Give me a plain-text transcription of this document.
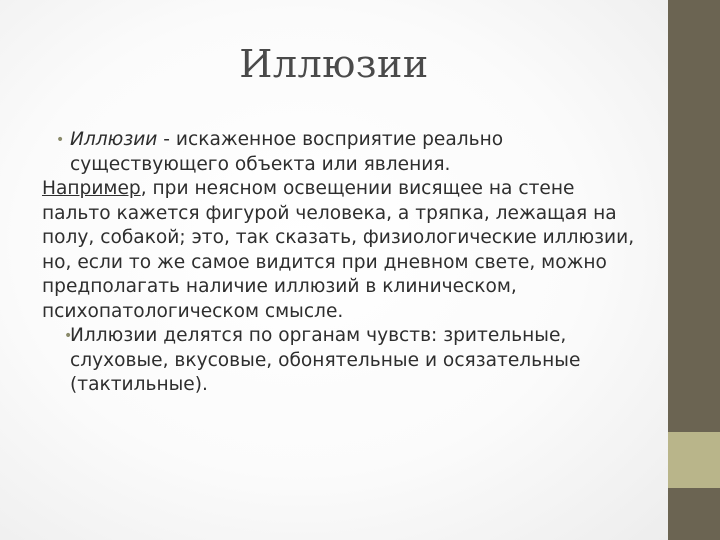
Иллюзии

• Иллюзии - искаженное восприятие реально существующего объекта или явления.

Например, при неясном освещении висящее на стене пальто кажется фигурой человека, а тряпка, лежащая на полу, собакой; это, так сказать, физиологические иллюзии, но, если то же самое видится при дневном свете, можно предполагать наличие иллюзий в клиническом, психопатологическом смысле.

•
Иллюзии делятся по органам чувств: зрительные, слуховые, вкусовые, обонятельные и осязательные (тактильные).
